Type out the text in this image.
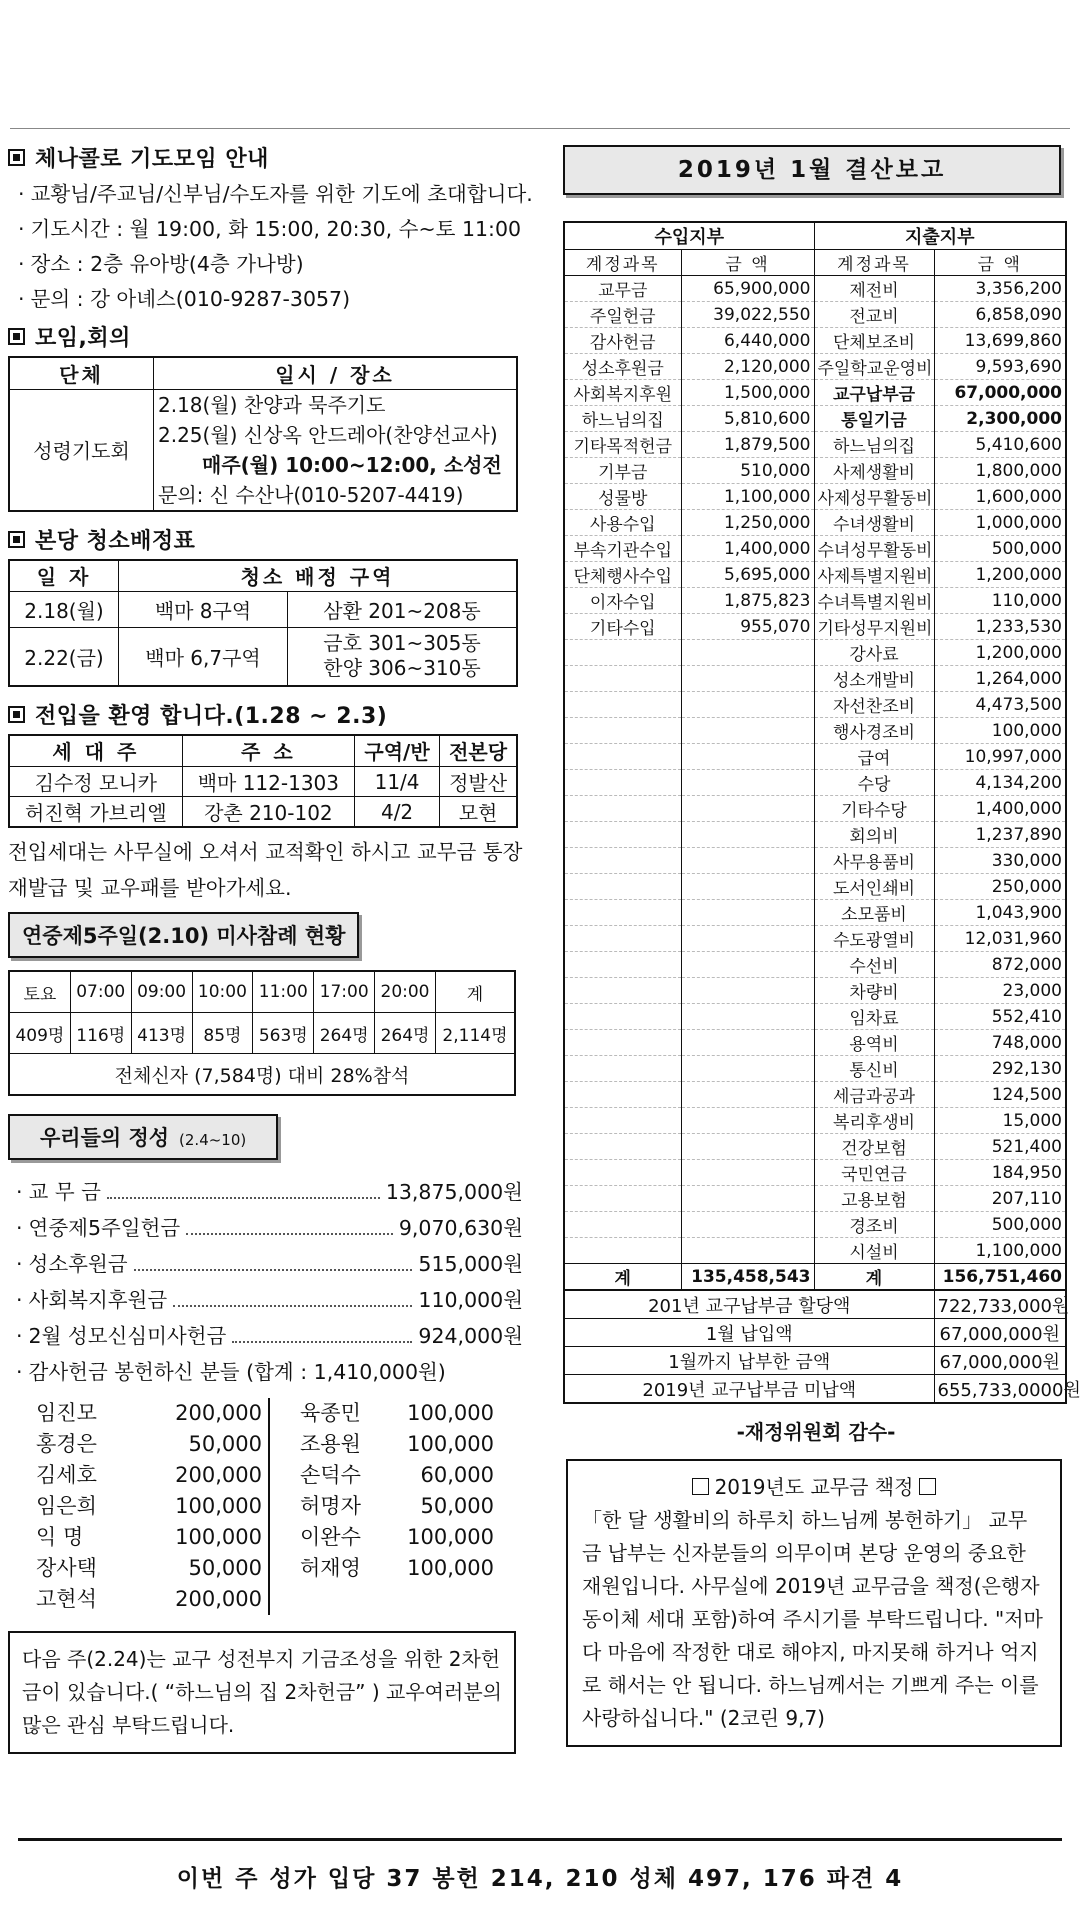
체나콜로 기도모임 안내
· 교황님/주교님/신부님/수도자를 위한 기도에 초대합니다.
· 기도시간 : 월 19:00, 화 15:00, 20:30, 수~토 11:00
· 장소 : 2층 유아방(4층 가나방)
· 문의 : 강 아녜스(010-9287-3057)
모임,회의
단체	일시 / 장소
성령기도회	2.18(월) 찬양과 묵주기도
2.25(월) 신상옥 안드레아(찬양선교사)
매주(월) 10:00~12:00, 소성전
문의: 신 수산나(010-5207-4419)
본당 청소배정표
일 자	청소 배정 구역	
2.18(월)	백마 8구역	삼환 201~208동
2.22(금)	백마 6,7구역	금호 301~305동
한양 306~310동
전입을 환영 합니다.(1.28 ~ 2.3)
세 대 주	주 소	구역/반	전본당
김수정 모니카	백마 112-1303	11/4	정발산
허진혁 가브리엘	강촌 210-102	4/2	모현
전입세대는 사무실에 오셔서 교적확인 하시고 교무금 통장 재발급 및 교우패를 받아가세요.
연중제5주일(2.10) 미사참례 현황
토요	07:00	09:00	10:00	11:00	17:00	20:00	계
409명	116명	413명	85명	563명	264명	264명	2,114명
전체신자 (7,584명) 대비 28%참석							
우리들의 정성 (2.4~10)
· 교 무 금	13,875,000원
· 연중제5주일헌금	9,070,630원
· 성소후원금	515,000원
· 사회복지후원금	110,000원
· 2월 성모신심미사헌금	924,000원
· 감사헌금 봉헌하신 분들 (합계 : 1,410,000원)
임진모	200,000
홍경은	50,000
김세호	200,000
임은희	100,000
익 명	100,000
장사택	50,000
고현석	200,000
육종민 100,000
조용원 100,000
손덕수	60,000
허명자	50,000
이완수 100,000
허재영 100,000
다음 주(2.24)는 교구 성전부지 기금조성을 위한 2차헌금이 있습니다.( “하느님의 집 2차헌금” ) 교우여러분의 많은 관심 부탁드립니다.
2019년 1월 결산보고
수입지부		지출지부	
계정과목	금 액	계정과목	금 액
교무금	65,900,000	제전비	3,356,200
주일헌금	39,022,550	전교비	6,858,090
감사헌금	6,440,000	단체보조비	13,699,860
성소후원금	2,120,000	주일학교운영비	9,593,690
사회복지후원	1,500,000	교구납부금	67,000,000
하느님의집	5,810,600	통일기금	2,300,000
기타목적헌금	1,879,500	하느님의집	5,410,600
기부금	510,000	사제생활비	1,800,000
성물방	1,100,000	사제성무활동비	1,600,000
사용수입	1,250,000	수녀생활비	1,000,000
부속기관수입	1,400,000	수녀성무활동비	500,000
단체행사수입	5,695,000	사제특별지원비	1,200,000
이자수입	1,875,823	수녀특별지원비	110,000
기타수입	955,070	기타성무지원비	1,233,530
		강사료	1,200,000
		성소개발비	1,264,000
		자선찬조비	4,473,500
		행사경조비	100,000
		급여	10,997,000
		수당	4,134,200
		기타수당	1,400,000
		회의비	1,237,890
		사무용품비	330,000
		도서인쇄비	250,000
		소모품비	1,043,900
		수도광열비	12,031,960
		수선비	872,000
		차량비	23,000
		임차료	552,410
		용역비	748,000
		통신비	292,130
		세금과공과	124,500
		복리후생비	15,000
		건강보험	521,400
		국민연금	184,950
		고용보험	207,110
		경조비	500,000
		시설비	1,100,000
계	135,458,543	계	156,751,460
201년 교구납부금 할당액			722,733,000원
1월 납입액			67,000,000원
1월까지 납부한 금액			67,000,000원
2019년 교구납부금 미납액			655,733,0000원
-재정위원회 감수-
2019년도 교무금 책정
「한 달 생활비의 하루치 하느님께 봉헌하기」 교무금 납부는 신자분들의 의무이며 본당 운영의 중요한 재원입니다. 사무실에 2019년 교무금을 책정(은행자동이체 세대 포함)하여 주시기를 부탁드립니다. "저마다 마음에 작정한 대로 해야지, 마지못해 하거나 억지로 해서는 안 됩니다. 하느님께서는 기쁘게 주는 이를 사랑하십니다." (2코린 9,7)
이번 주 성가 입당 37 봉헌 214, 210 성체 497, 176 파견 4
